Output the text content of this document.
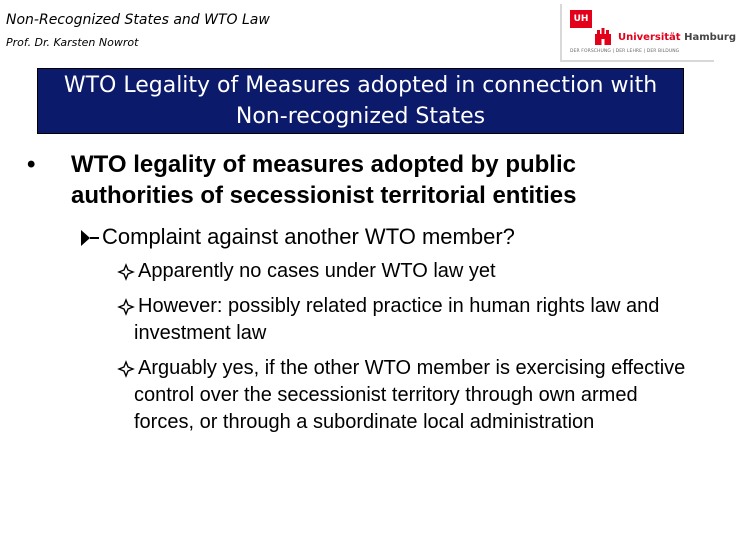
Non-Recognized States and WTO Law
Prof. Dr. Karsten Nowrot
UH
Universität Hamburg
DER FORSCHUNG | DER LEHRE | DER BILDUNG
WTO Legality of Measures adopted in connection with Non-recognized States
•	WTO legality of measures adopted by public authorities of secessionist territorial entities
Complaint against another WTO member?
Apparently no cases under WTO law yet
However: possibly related practice in human rights law and investment law
Arguably yes, if the other WTO member is exercising effective control over the secessionist territory through own armed forces, or through a subordinate local administration
